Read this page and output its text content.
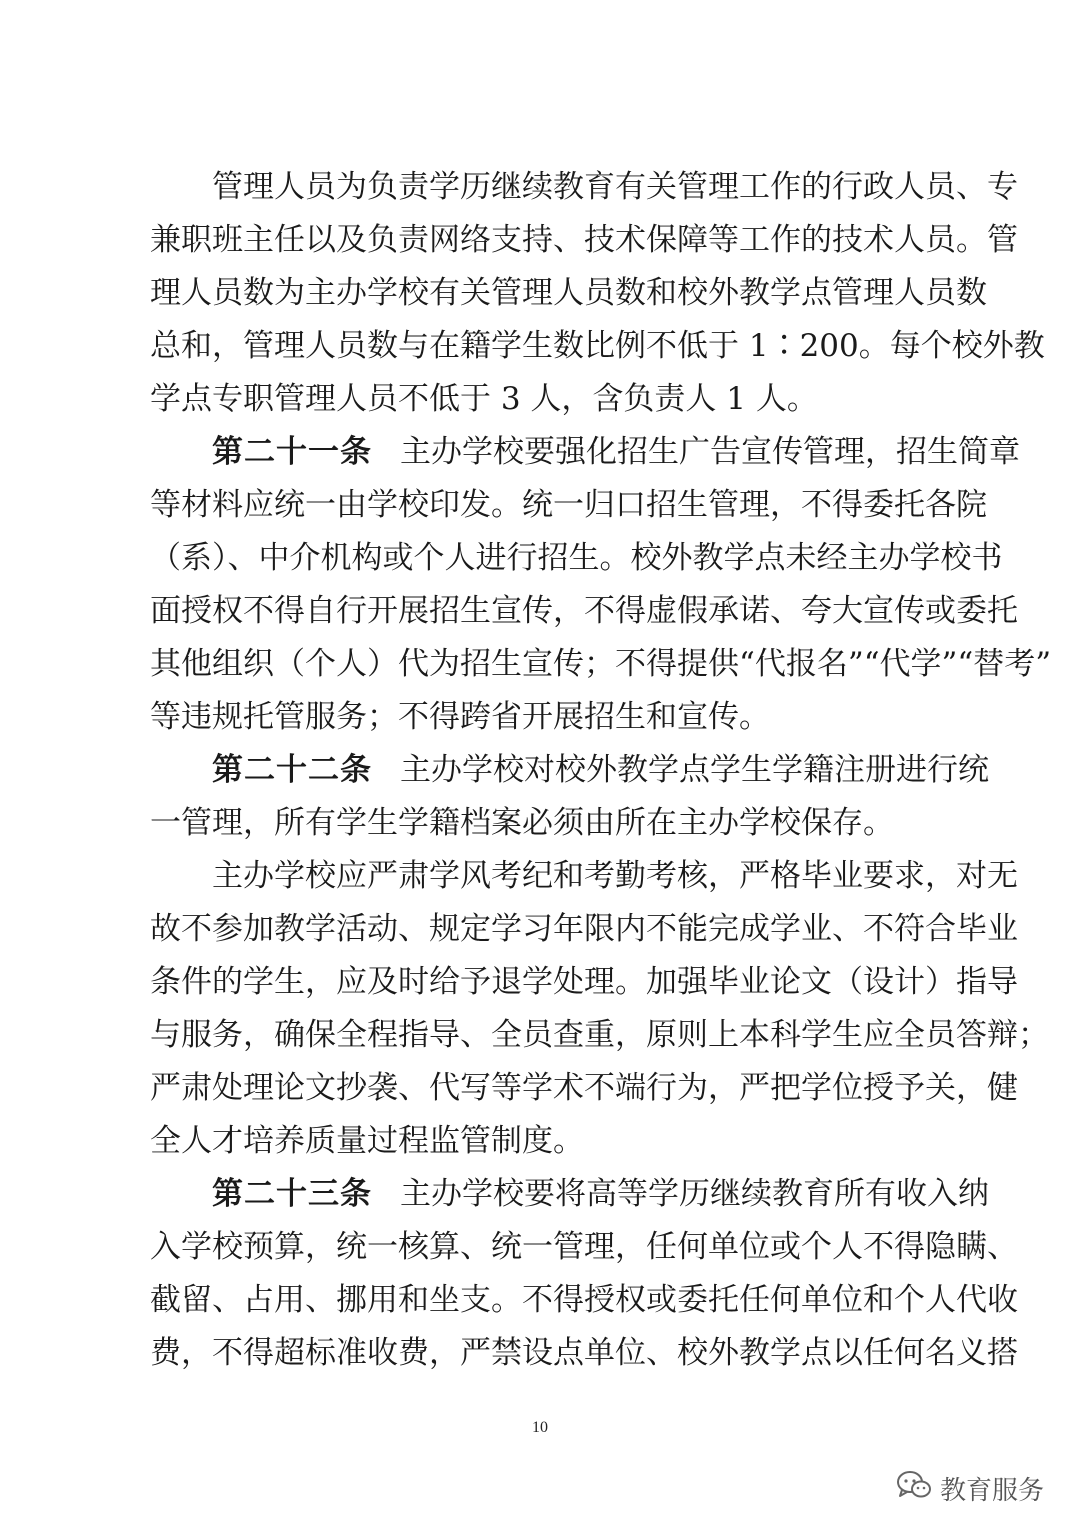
管理人员为负责学历继续教育有关管理工作的行政人员、专
兼职班主任以及负责网络支持、技术保障等工作的技术人员。管
理人员数为主办学校有关管理人员数和校外教学点管理人员数
总和，管理人员数与在籍学生数比例不低于 1∶200。每个校外教
学点专职管理人员不低于 3 人，含负责人 1 人。
第二十一条 主办学校要强化招生广告宣传管理，招生简章
等材料应统一由学校印发。统一归口招生管理，不得委托各院
（系）、中介机构或个人进行招生。校外教学点未经主办学校书
面授权不得自行开展招生宣传，不得虚假承诺、夸大宣传或委托
其他组织（个人）代为招生宣传；不得提供“代报名”“代学”“替考”
等违规托管服务；不得跨省开展招生和宣传。
第二十二条 主办学校对校外教学点学生学籍注册进行统
一管理，所有学生学籍档案必须由所在主办学校保存。
主办学校应严肃学风考纪和考勤考核，严格毕业要求，对无
故不参加教学活动、规定学习年限内不能完成学业、不符合毕业
条件的学生，应及时给予退学处理。加强毕业论文（设计）指导
与服务，确保全程指导、全员查重，原则上本科学生应全员答辩；
严肃处理论文抄袭、代写等学术不端行为，严把学位授予关，健
全人才培养质量过程监管制度。
第二十三条 主办学校要将高等学历继续教育所有收入纳
入学校预算，统一核算、统一管理，任何单位或个人不得隐瞒、
截留、占用、挪用和坐支。不得授权或委托任何单位和个人代收
费，不得超标准收费，严禁设点单位、校外教学点以任何名义搭
10
教育服务
